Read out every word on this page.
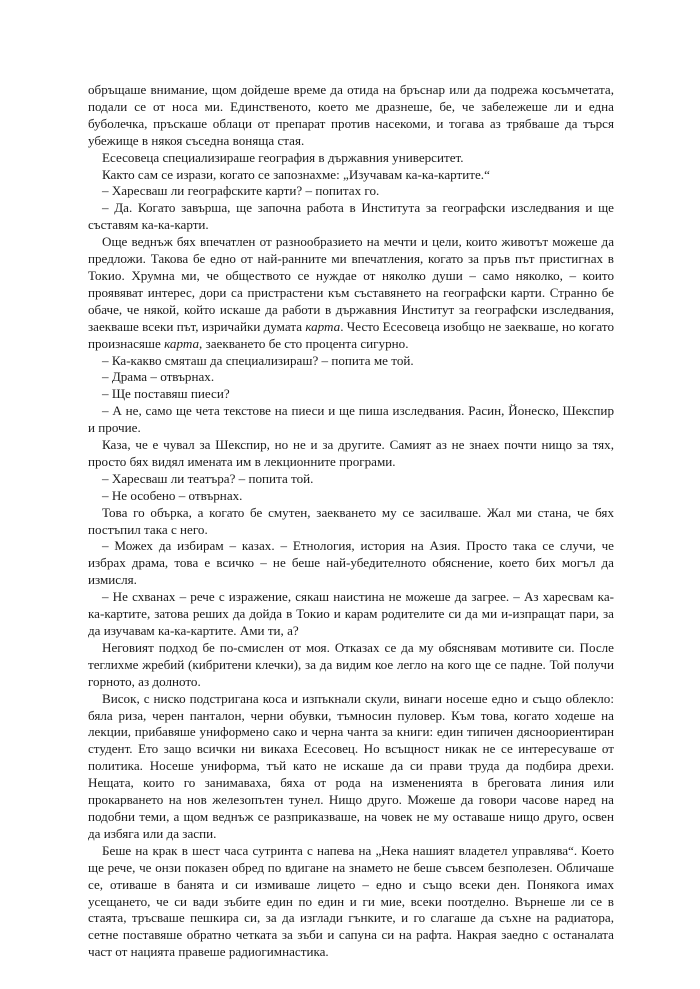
обръщаше внимание, щом дойдеше време да отида на бръснар или да подрежа косъмчетата, подали се от носа ми. Единственото, което ме дразнеше, бе, че забележеше ли и една буболечка, пръскаше облаци от препарат против насекоми, и тогава аз трябваше да търся убежище в някоя съседна воняща стая.

Есесовеца специализираше география в държавния университет.

Както сам се изрази, когато се запознахме: „Изучавам ка-ка-картите.“

– Харесваш ли географските карти? – попитах го.

– Да. Когато завърша, ще започна работа в Института за географски изследвания и ще съставям ка-ка-карти.

Още веднъж бях впечатлен от разнообразието на мечти и цели, които животът можеше да предложи. Такова бе едно от най-ранните ми впечатления, когато за пръв път пристигнах в Токио. Хрумна ми, че обществото се нуждае от няколко души – само няколко, – които проявяват интерес, дори са пристрастени към съставянето на географски карти. Странно бе обаче, че някой, който искаше да работи в държавния Институт за географски изследвания, заекваше всеки път, изричайки думата карта. Често Есесовеца изобщо не заекваше, но когато произнасяше карта, заекването бе сто процента сигурно.

– Ка-какво смяташ да специализираш? – попита ме той.

– Драма – отвърнах.

– Ще поставяш пиеси?

– А не, само ще чета текстове на пиеси и ще пиша изследвания. Расин, Йонеско, Шекспир и прочие.

Каза, че е чувал за Шекспир, но не и за другите. Самият аз не знаех почти нищо за тях, просто бях видял имената им в лекционните програми.

– Харесваш ли театъра? – попита той.

– Не особено – отвърнах.

Това го обърка, а когато бе смутен, заекването му се засилваше. Жал ми стана, че бях постъпил така с него.

– Можех да избирам – казах. – Етнология, история на Азия. Просто така се случи, че избрах драма, това е всичко – не беше най-убедителното обяснение, което бих могъл да измисля.

– Не схванах – рече с изражение, сякаш наистина не можеше да загрее. – Аз харесвам ка-ка-картите, затова реших да дойда в Токио и карам родителите си да ми и-изпращат пари, за да изучавам ка-ка-картите. Ами ти, а?

Неговият подход бе по-смислен от моя. Отказах се да му обяснявам мотивите си. После теглихме жребий (кибритени клечки), за да видим кое легло на кого ще се падне. Той получи горното, аз долното.

Висок, с ниско подстригана коса и изпъкнали скули, винаги носеше едно и също облекло: бяла риза, черен панталон, черни обувки, тъмносин пуловер. Към това, когато ходеше на лекции, прибавяше униформено сако и черна чанта за книги: един типичен дясноориентиран студент. Ето защо всички ни викаха Есесовец. Но всъщност никак не се интересуваше от политика. Носеше униформа, тъй като не искаше да си прави труда да подбира дрехи. Нещата, които го занимаваха, бяха от рода на измененията в бреговата линия или прокарването на нов железопътен тунел. Нищо друго. Можеше да говори часове наред на подобни теми, а щом веднъж се разприказваше, на човек не му оставаше нищо друго, освен да избяга или да заспи.

Беше на крак в шест часа сутринта с напева на „Нека нашият владетел управлява“. Което ще рече, че онзи показен обред по вдигане на знамето не беше съвсем безполезен. Обличаше се, отиваше в банята и си измиваше лицето – едно и също всеки ден. Понякога имах усещането, че си вади зъбите един по един и ги мие, всеки поотделно. Върнеше ли се в стаята, тръсваше пешкира си, за да изглади гънките, и го слагаше да съхне на радиатора, сетне поставяше обратно четката за зъби и сапуна си на рафта. Накрая заедно с останалата част от нацията правеше радиогимнастика.
